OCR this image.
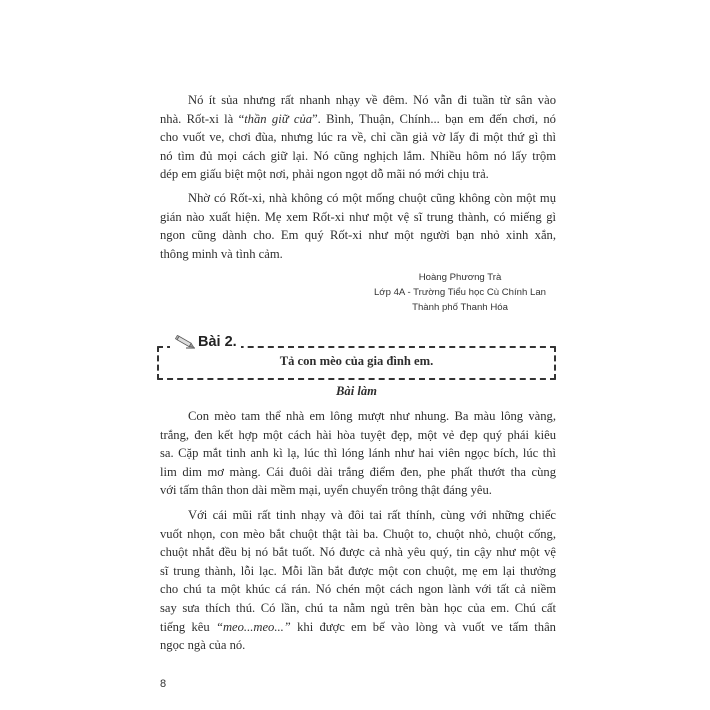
Nó ít sủa nhưng rất nhanh nhạy về đêm. Nó vẫn đi tuần từ sân vào
nhà. Rốt-xi là “thần giữ của”. Bình, Thuận, Chính... bạn em đến chơi, nó
cho vuốt ve, chơi đùa, nhưng lúc ra về, chỉ cần giả vờ lấy đi một thứ gì thì
nó tìm đủ mọi cách giữ lại. Nó cũng nghịch lắm. Nhiều hôm nó lấy trộm
dép em giấu biệt một nơi, phải ngon ngọt dỗ mãi nó mới chịu trả.
Nhờ có Rốt-xi, nhà không có một mống chuột cũng không còn một mụ
gián nào xuất hiện. Mẹ xem Rốt-xi như một vệ sĩ trung thành, có miếng gì
ngon cũng dành cho. Em quý Rốt-xi như một người bạn nhỏ xinh xắn,
thông minh và tình cảm.
Hoàng Phương Trà
Lớp 4A - Trường Tiểu học Cù Chính Lan
Thành phố Thanh Hóa
Bài 2.
Tả con mèo của gia đình em.
Bài làm
Con mèo tam thể nhà em lông mượt như nhung. Ba màu lông vàng,
trắng, đen kết hợp một cách hài hòa tuyệt đẹp, một vẻ đẹp quý phái kiêu
sa. Cặp mắt tinh anh kì lạ, lúc thì lóng lánh như hai viên ngọc bích, lúc thì
lim dim mơ màng. Cái đuôi dài trắng điểm đen, phe phất thướt tha cùng
với tấm thân thon dài mềm mại, uyển chuyển trông thật đáng yêu.
Với cái mũi rất tinh nhạy và đôi tai rất thính, cùng với những chiếc
vuốt nhọn, con mèo bắt chuột thật tài ba. Chuột to, chuột nhỏ, chuột cống,
chuột nhắt đều bị nó bắt tuốt. Nó được cả nhà yêu quý, tin cậy như một vệ
sĩ trung thành, lỗi lạc. Mỗi lần bắt được một con chuột, mẹ em lại thưởng
cho chú ta một khúc cá rán. Nó chén một cách ngon lành với tất cả niềm
say sưa thích thú. Có lần, chú ta nằm ngủ trên bàn học của em. Chú cất
tiếng kêu “meo...meo...” khi được em bế vào lòng và vuốt ve tấm thân
ngọc ngà của nó.
8
